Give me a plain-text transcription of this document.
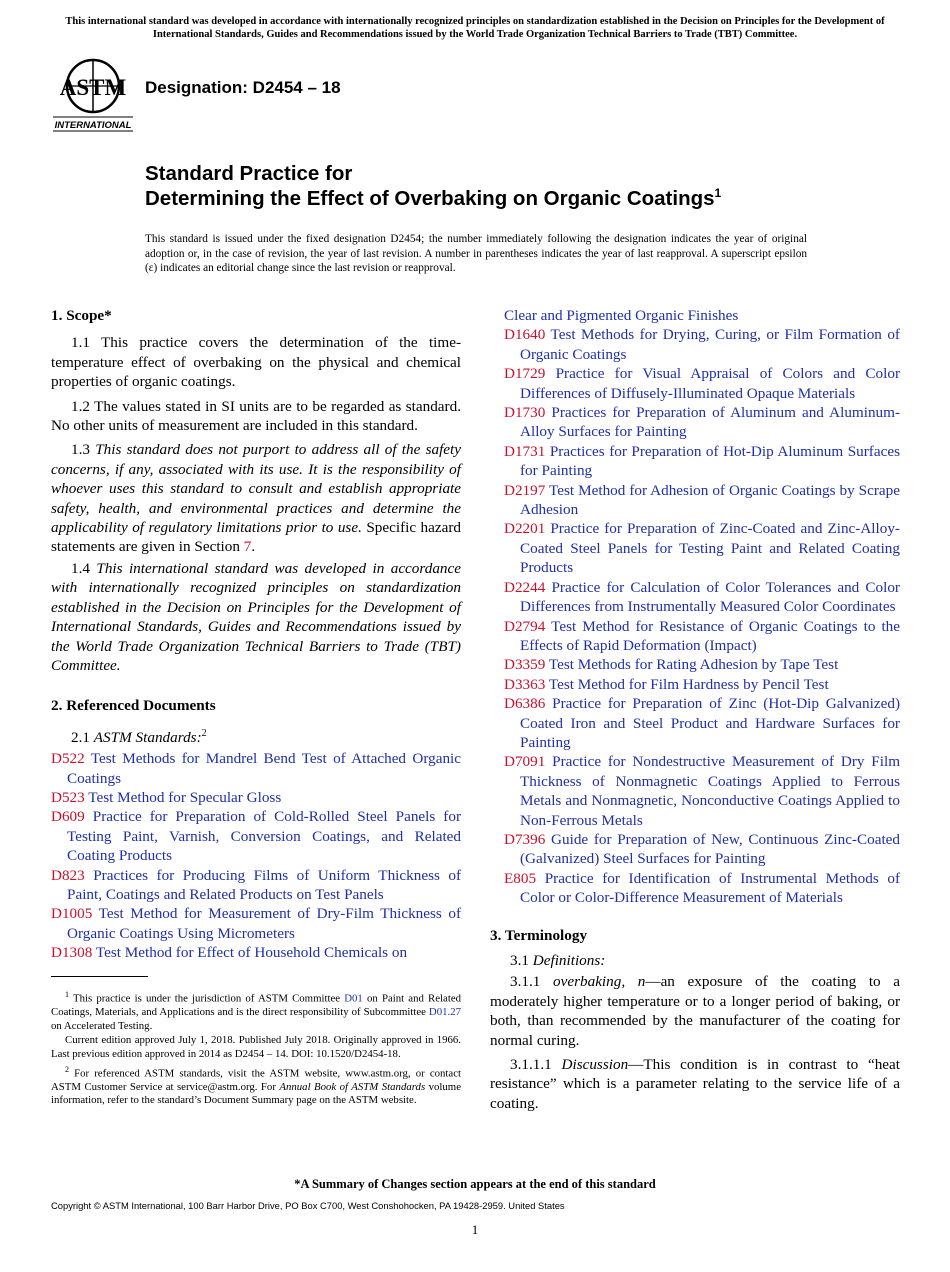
This international standard was developed in accordance with internationally recognized principles on standardization established in the Decision on Principles for the Development of International Standards, Guides and Recommendations issued by the World Trade Organization Technical Barriers to Trade (TBT) Committee.
ASTM
INTERNATIONAL
Designation: D2454 – 18
Standard Practice for
Determining the Effect of Overbaking on Organic Coatings$^1$
This standard is issued under the fixed designation D2454; the number immediately following the designation indicates the year of original adoption or, in the case of revision, the year of last revision. A number in parentheses indicates the year of last reapproval. A superscript epsilon (ε) indicates an editorial change since the last revision or reapproval.
1. Scope*

1.1 This practice covers the determination of the time-temperature effect of overbaking on the physical and chemical properties of organic coatings.

1.2 The values stated in SI units are to be regarded as standard. No other units of measurement are included in this standard.

1.3 This standard does not purport to address all of the safety concerns, if any, associated with its use. It is the responsibility of whoever uses this standard to consult and establish appropriate safety, health, and environmental practices and determine the applicability of regulatory limitations prior to use. Specific hazard statements are given in Section 7.

1.4 This international standard was developed in accordance with internationally recognized principles on standardization established in the Decision on Principles for the Development of International Standards, Guides and Recommendations issued by the World Trade Organization Technical Barriers to Trade (TBT) Committee.

2. Referenced Documents

2.1 ASTM Standards:$^2$

D522 Test Methods for Mandrel Bend Test of Attached Organic Coatings

D523 Test Method for Specular Gloss

D609 Practice for Preparation of Cold-Rolled Steel Panels for Testing Paint, Varnish, Conversion Coatings, and Related Coating Products

D823 Practices for Producing Films of Uniform Thickness of Paint, Coatings and Related Products on Test Panels

D1005 Test Method for Measurement of Dry-Film Thickness of Organic Coatings Using Micrometers

D1308 Test Method for Effect of Household Chemicals on

Clear and Pigmented Organic Finishes

D1640 Test Methods for Drying, Curing, or Film Formation of Organic Coatings

D1729 Practice for Visual Appraisal of Colors and Color Differences of Diffusely-Illuminated Opaque Materials

D1730 Practices for Preparation of Aluminum and Aluminum-Alloy Surfaces for Painting

D1731 Practices for Preparation of Hot-Dip Aluminum Surfaces for Painting

D2197 Test Method for Adhesion of Organic Coatings by Scrape Adhesion

D2201 Practice for Preparation of Zinc-Coated and Zinc-Alloy-Coated Steel Panels for Testing Paint and Related Coating Products

D2244 Practice for Calculation of Color Tolerances and Color Differences from Instrumentally Measured Color Coordinates

D2794 Test Method for Resistance of Organic Coatings to the Effects of Rapid Deformation (Impact)

D3359 Test Methods for Rating Adhesion by Tape Test

D3363 Test Method for Film Hardness by Pencil Test

D6386 Practice for Preparation of Zinc (Hot-Dip Galvanized) Coated Iron and Steel Product and Hardware Surfaces for Painting

D7091 Practice for Nondestructive Measurement of Dry Film Thickness of Nonmagnetic Coatings Applied to Ferrous Metals and Nonmagnetic, Nonconductive Coatings Applied to Non-Ferrous Metals

D7396 Guide for Preparation of New, Continuous Zinc-Coated (Galvanized) Steel Surfaces for Painting

E805 Practice for Identification of Instrumental Methods of Color or Color-Difference Measurement of Materials

3. Terminology

3.1 Definitions:

3.1.1 overbaking, n—an exposure of the coating to a moderately higher temperature or to a longer period of baking, or both, than recommended by the manufacturer of the coating for normal curing.

3.1.1.1 Discussion—This condition is in contrast to “heat resistance” which is a parameter relating to the service life of a coating.

$^1$ This practice is under the jurisdiction of ASTM Committee D01 on Paint and Related Coatings, Materials, and Applications and is the direct responsibility of Subcommittee D01.27 on Accelerated Testing.

Current edition approved July 1, 2018. Published July 2018. Originally approved in 1966. Last previous edition approved in 2014 as D2454 – 14. DOI: 10.1520/D2454-18.

$^2$ For referenced ASTM standards, visit the ASTM website, www.astm.org, or contact ASTM Customer Service at service@astm.org. For Annual Book of ASTM Standards volume information, refer to the standard’s Document Summary page on the ASTM website.

*A Summary of Changes section appears at the end of this standard
Copyright © ASTM International, 100 Barr Harbor Drive, PO Box C700, West Conshohocken, PA 19428-2959. United States
1
